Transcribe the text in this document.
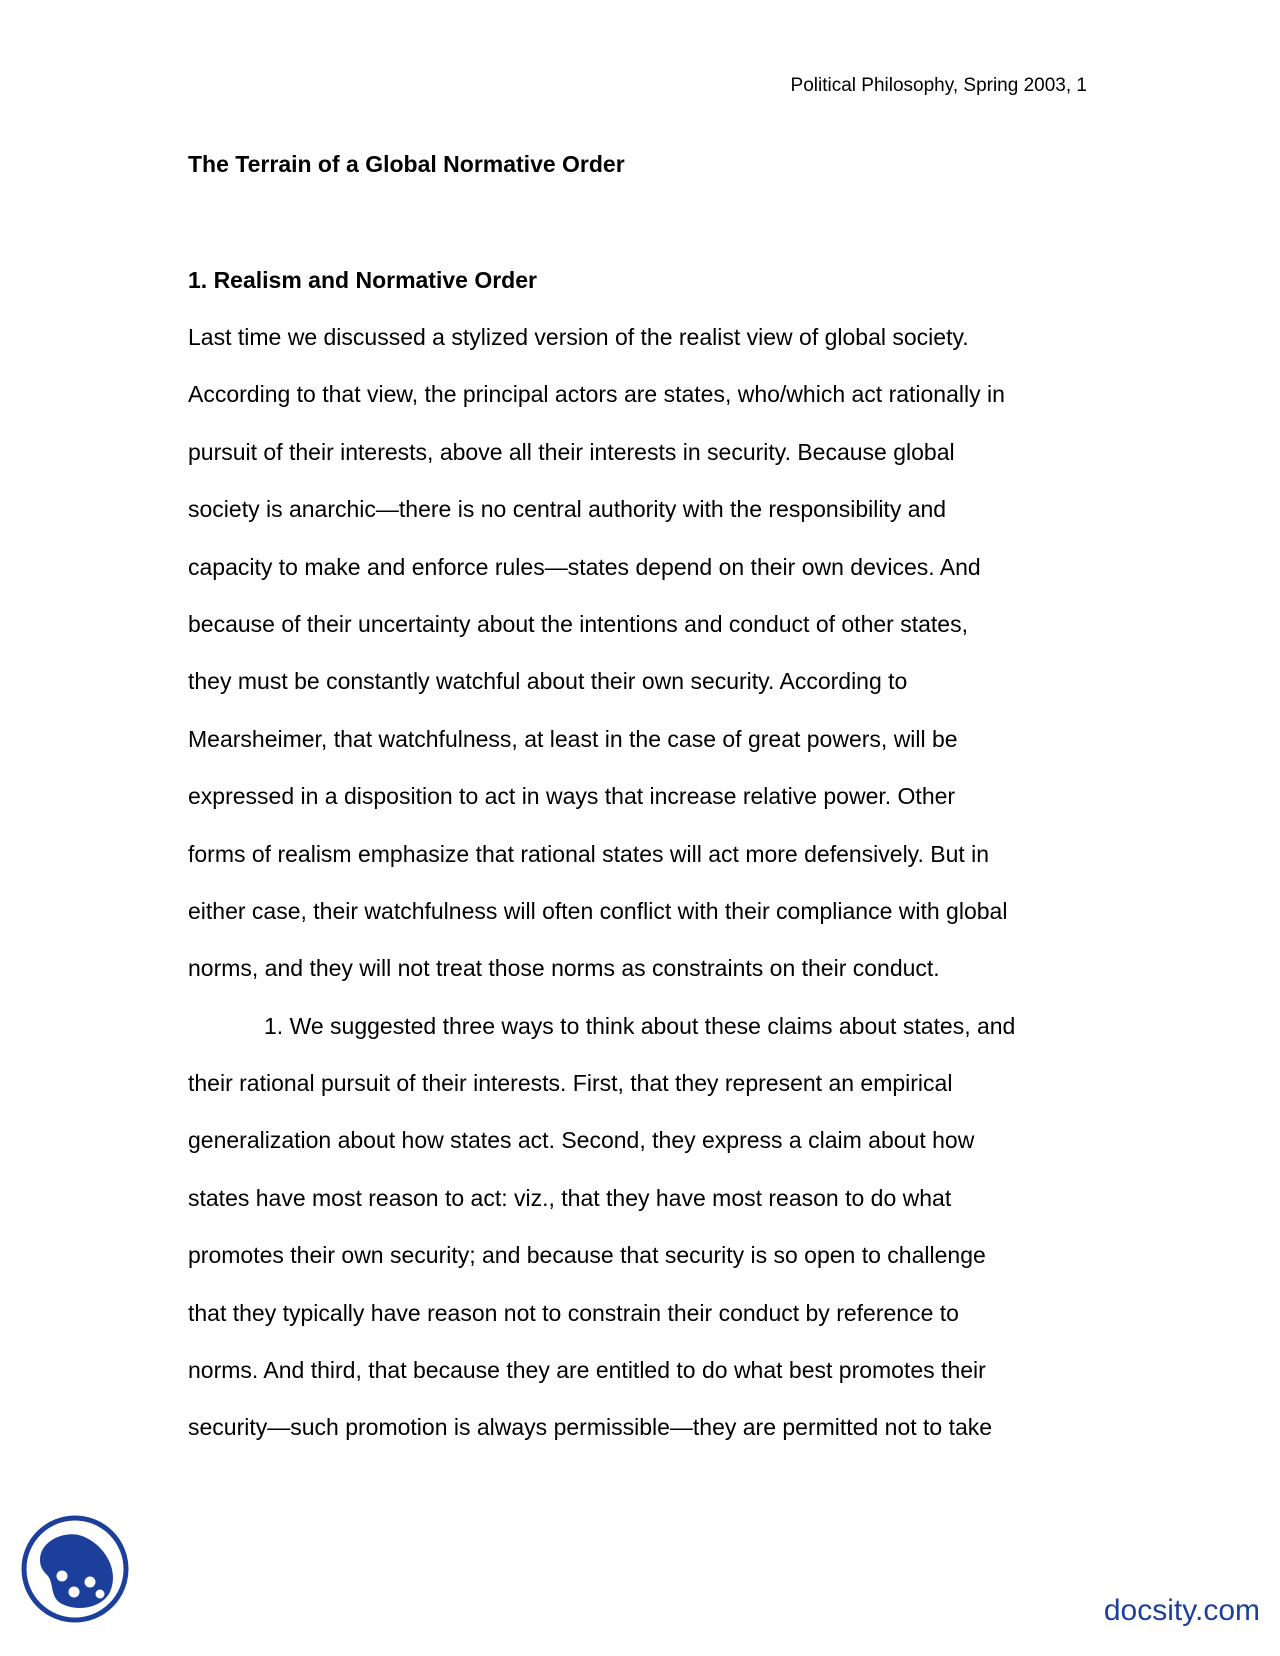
Political Philosophy, Spring 2003, 1
The Terrain of a Global Normative Order
1. Realism and Normative Order
Last time we discussed a stylized version of the realist view of global society.
According to that view, the principal actors are states, who/which act rationally in
pursuit of their interests, above all their interests in security. Because global
society is anarchic—there is no central authority with the responsibility and
capacity to make and enforce rules—states depend on their own devices. And
because of their uncertainty about the intentions and conduct of other states,
they must be constantly watchful about their own security. According to
Mearsheimer, that watchfulness, at least in the case of great powers, will be
expressed in a disposition to act in ways that increase relative power. Other
forms of realism emphasize that rational states will act more defensively. But in
either case, their watchfulness will often conflict with their compliance with global
norms, and they will not treat those norms as constraints on their conduct.
1. We suggested three ways to think about these claims about states, and
their rational pursuit of their interests. First, that they represent an empirical
generalization about how states act. Second, they express a claim about how
states have most reason to act: viz., that they have most reason to do what
promotes their own security; and because that security is so open to challenge
that they typically have reason not to constrain their conduct by reference to
norms. And third, that because they are entitled to do what best promotes their
security—such promotion is always permissible—they are permitted not to take
docsity.com
